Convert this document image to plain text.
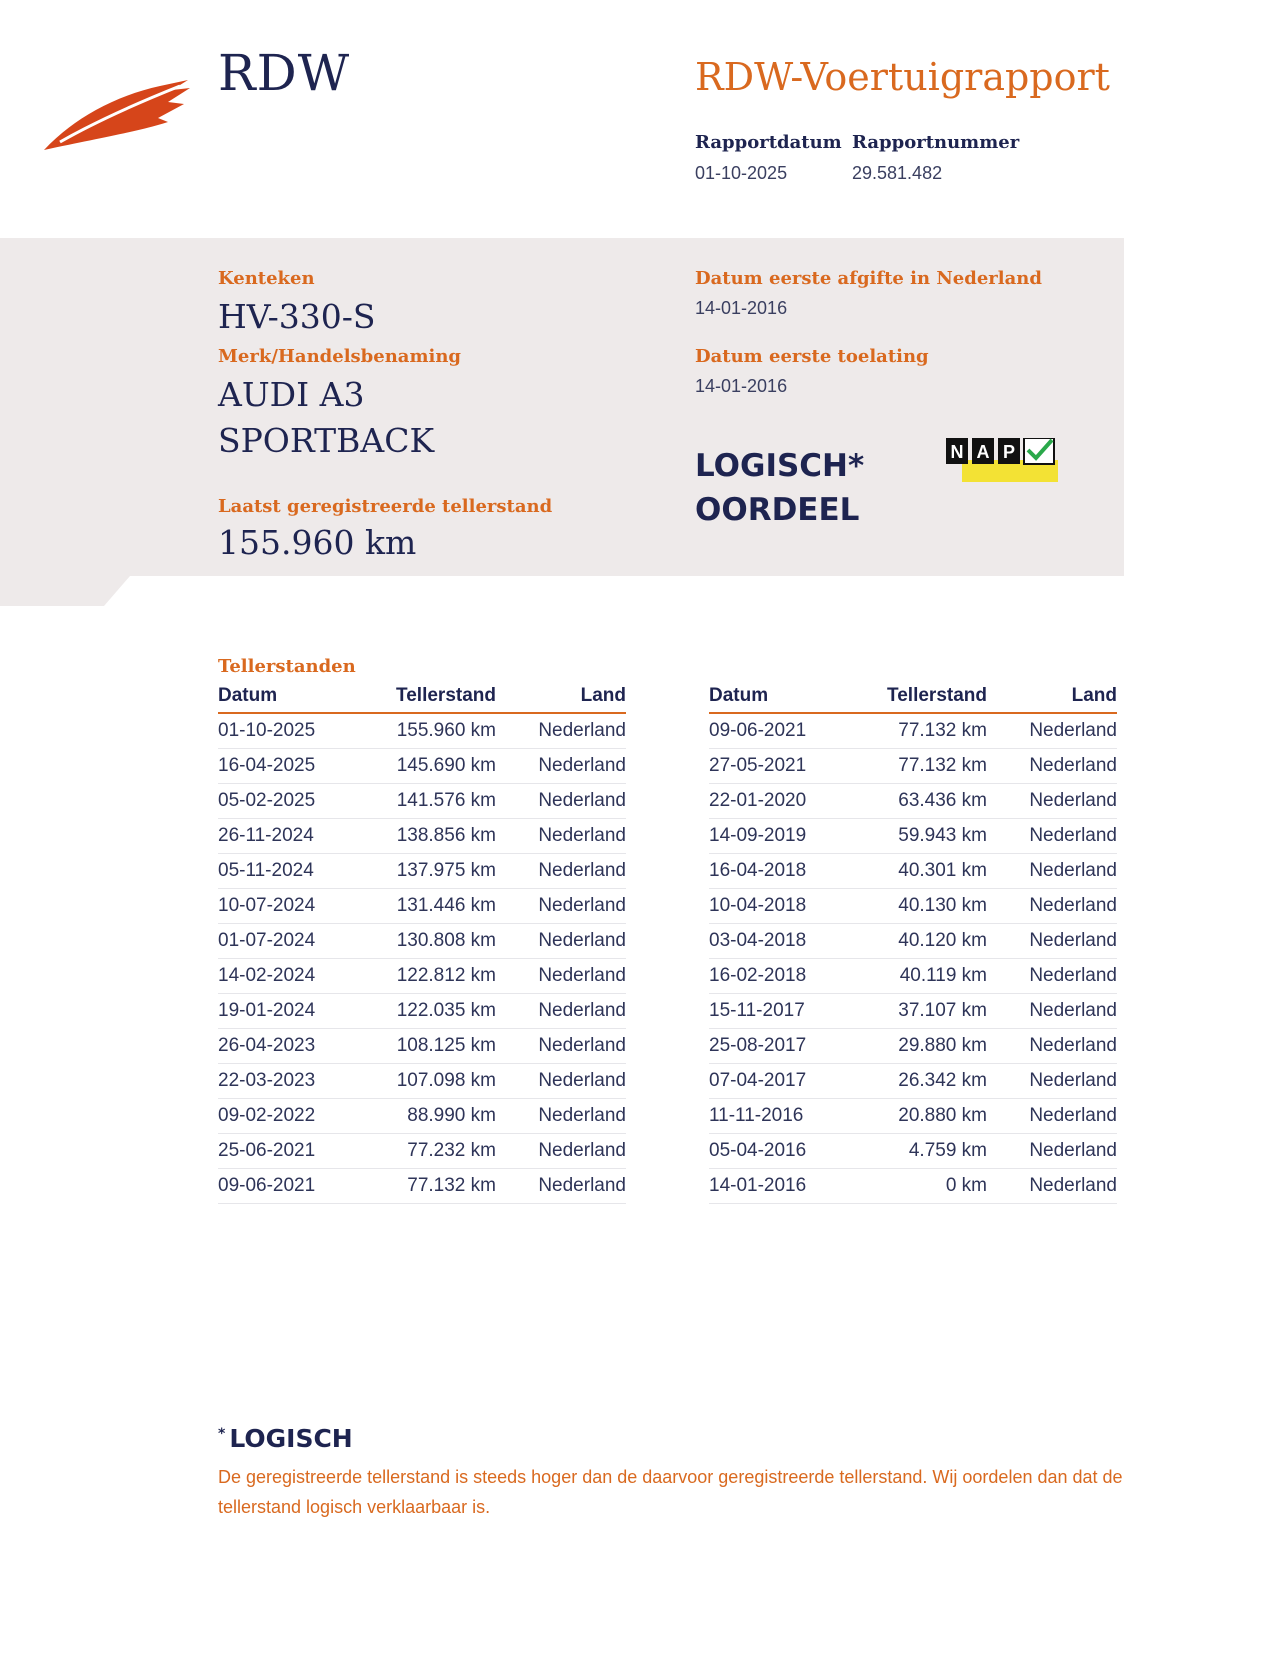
RDW	RDW-Voertuigrapport
Rapportdatum
01-10-2025
Rapportnummer
29.581.482
Kenteken
HV-330-S
Merk/Handelsbenaming
AUDI A3
SPORTBACK
Laatst geregistreerde tellerstand
155.960 km
Datum eerste afgifte in Nederland
14-01-2016
Datum eerste toelating
14-01-2016
LOGISCH*
OORDEEL
N A P
Tellerstanden
Datum	Tellerstand	Land
01-10-2025	155.960 km	Nederland
16-04-2025	145.690 km	Nederland
05-02-2025	141.576 km	Nederland
26-11-2024	138.856 km	Nederland
05-11-2024	137.975 km	Nederland
10-07-2024	131.446 km	Nederland
01-07-2024	130.808 km	Nederland
14-02-2024	122.812 km	Nederland
19-01-2024	122.035 km	Nederland
26-04-2023	108.125 km	Nederland
22-03-2023	107.098 km	Nederland
09-02-2022	88.990 km	Nederland
25-06-2021	77.232 km	Nederland
09-06-2021	77.132 km	Nederland
Datum	Tellerstand	Land
09-06-2021	77.132 km	Nederland
27-05-2021	77.132 km	Nederland
22-01-2020	63.436 km	Nederland
14-09-2019	59.943 km	Nederland
16-04-2018	40.301 km	Nederland
10-04-2018	40.130 km	Nederland
03-04-2018	40.120 km	Nederland
16-02-2018	40.119 km	Nederland
15-11-2017	37.107 km	Nederland
25-08-2017	29.880 km	Nederland
07-04-2017	26.342 km	Nederland
11-11-2016	20.880 km	Nederland
05-04-2016	4.759 km	Nederland
14-01-2016	0 km	Nederland
* LOGISCH
De geregistreerde tellerstand is steeds hoger dan de daarvoor geregistreerde tellerstand. Wij oordelen dan dat de tellerstand logisch verklaarbaar is.
